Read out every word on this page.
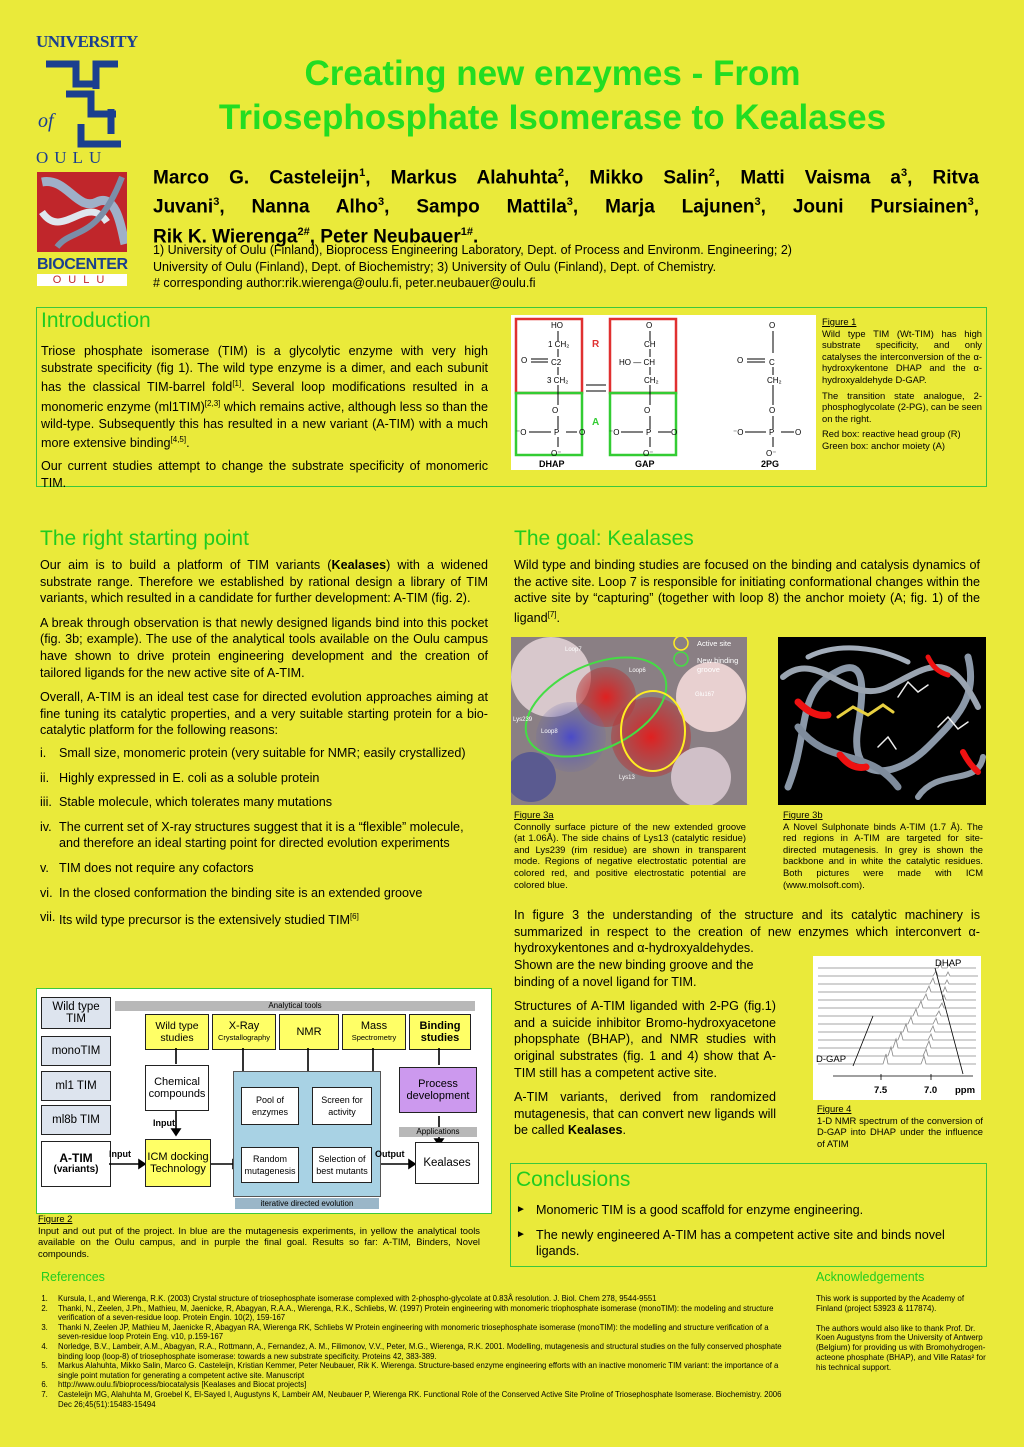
UNIVERSITY
of
OULU
BIOCENTER
OULU
Creating new enzymes - From
Triosephosphate Isomerase to Kealases
Marco G. Casteleijn$^1$, Markus Alahuhta$^2$, Mikko Salin$^2$, Matti Vaisma $a^3$, Ritva
Juvani$^3$, Nanna Alho$^3$, Sampo Mattila$^3$, Marja Lajunen$^3$, Jouni Pursiainen$^3$,
Rik K. Wierenga$^{2\#}$, Peter Neubauer$^{1\#}$.
1) University of Oulu (Finland), Bioprocess Engineering Laboratory, Dept. of Process and Environm. Engineering; 2)
University of Oulu (Finland), Dept. of Biochemistry; 3) University of Oulu (Finland), Dept. of Chemistry.
# corresponding author:rik.wierenga@oulu.fi, peter.neubauer@oulu.fi
Introduction

Triose phosphate isomerase (TIM) is a glycolytic enzyme with very high substrate specificity (fig 1). The wild type enzyme is a dimer, and each subunit has the classical TIM-barrel fold[1]. Several loop modifications resulted in a monomeric enzyme (ml1TIM)[2,3] which remains active, although less so than the wild-type. Subsequently this has resulted in a new variant (A-TIM) with a much more extensive binding[4,5].

Our current studies attempt to change the substrate specificity of monomeric TIM.

HO
1 CH₂
O	C2
3 CH₂
O
P
⁻O	O
O⁻
O
CH
HO — CH
CH₂
O
P
⁻O	O
O⁻
O
O	C
CH₂
O
P
⁻O	O
O⁻
R
A
DHAP	GAP	2PG
Figure 1

Wild type TIM (Wt-TIM) has high substrate specificity, and only catalyses the interconversion of the α-hydroxykentone DHAP and the α-hydroxyaldehyde D-GAP.

The transition state analogue, 2-phosphoglycolate (2-PG), can be seen on the right.

Red box: reactive head group (R) Green box: anchor moiety (A)

The right starting point

Our aim is to build a platform of TIM variants (Kealases) with a widened substrate range. Therefore we established by rational design a library of TIM variants, which resulted in a candidate for further development: A-TIM (fig. 2).

A break through observation is that newly designed ligands bind into this pocket (fig. 3b; example). The use of the analytical tools available on the Oulu campus have shown to drive protein engineering development and the creation of tailored ligands for the new active site of A-TIM.

Overall, A-TIM is an ideal test case for directed evolution approaches aiming at fine tuning its catalytic properties, and a very suitable starting protein for a bio-catalytic platform for the following reasons:

i.	Small size, monomeric protein (very suitable for NMR; easily crystallized)
ii. Highly expressed in E. coli as a soluble protein
iii. Stable molecule, which tolerates many mutations
iv. The current set of X-ray structures suggest that it is a “flexible” molecule, and therefore an ideal starting point for directed evolution experiments
v. TIM does not require any cofactors
vi. In the closed conformation the binding site is an extended groove
vii. Its wild type precursor is the extensively studied TIM[6]
Wild type TIM
monoTIM
ml1 TIM
ml8b TIM
A-TIM
(variants)
Analytical tools
Wild type studies
X-Ray
Crystallography	NMR	Mass
Spectrometry
Binding studies
Chemical compounds
Input
Input ICM docking Technology
Pool of enzymes
Screen for activity
Random mutagenesis
Selection of best mutants
iterative directed evolution
Output
Process development
Applications
Kealases
Figure 2

Input and out put of the project. In blue are the mutagenesis experiments, in yellow the analytical tools available on the Oulu campus, and in purple the final goal. Results so far: A-TIM, Binders, Novel compounds.

The goal: Kealases

Wild type and binding studies are focused on the binding and catalysis dynamics of the active site. Loop 7 is responsible for initiating conformational changes within the active site by “capturing” (together with loop 8) the anchor moiety (A; fig. 1) of the ligand[7].

Active site
New binding groove
Loop7
Loop6
Glu167
Lys239
Loop8
Lys13
Figure 3a

Connolly surface picture of the new extended groove (at 1.06Å). The side chains of Lys13 (catalytic residue) and Lys239 (rim residue) are shown in transparent mode. Regions of negative electrostatic potential are colored red, and positive electrostatic potential are colored blue.

Figure 3b

A Novel Sulphonate binds A-TIM (1.7 Å). The red regions in A-TIM are targeted for site-directed mutagenesis. In grey is shown the backbone and in white the catalytic residues. Both pictures were made with ICM (www.molsoft.com).

In figure 3 the understanding of the structure and its catalytic machinery is summarized in respect to the creation of new enzymes which interconvert α-hydroxykentones and α-hydroxyaldehydes.

Shown are the new binding groove and the binding of a novel ligand for TIM.

Structures of A-TIM liganded with 2-PG (fig.1) and a suicide inhibitor Bromo-hydroxyacetone phopsphate (BHAP), and NMR studies with original substrates (fig. 1 and 4) show that A-TIM still has a competent active site.

A-TIM variants, derived from randomized mutagenesis, that can convert new ligands will be called Kealases.

DHAP
D-GAP
7.5	7.0 ppm
Figure 4

1-D NMR spectrum of the conversion of D-GAP into DHAP under the influence of ATIM

Conclusions
► Monomeric TIM is a good scaffold for enzyme engineering.
► The newly engineered A-TIM has a competent active site and binds novel ligands.
References
1. Kursula, I., and Wierenga, R.K. (2003) Crystal structure of triosephosphate isomerase complexed with 2-phospho-glycolate at 0.83Å resolution. J. Biol. Chem 278, 9544-9551
2. Thanki, N., Zeelen, J.Ph., Mathieu, M, Jaenicke, R, Abagyan, R.A.A., Wierenga, R.K., Schliebs, W. (1997) Protein engineering with monomeric triophosphate isomerase (monoTIM): the modeling and structure verification of a seven-residue loop. Protein Engin. 10(2), 159-167
3. Thanki N, Zeelen JP, Mathieu M, Jaenicke R, Abagyan RA, Wierenga RK, Schliebs W Protein engineering with monomeric triosephosphate isomerase (monoTIM): the modelling and structure verification of a seven-residue loop Protein Eng. v10, p.159-167
4. Norledge, B.V., Lambeir, A.M., Abagyan, R.A., Rottmann, A., Fernandez, A. M., Filimonov, V.V., Peter, M.G., Wierenga, R.K. 2001. Modelling, mutagenesis and structural studies on the fully conserved phosphate binding loop (loop-8) of triosephosphate isomerase: towards a new substrate specificity. Proteins 42, 383-389.
5. Markus Alahuhta, Mikko Salin, Marco G. Casteleijn, Kristian Kemmer, Peter Neubauer, Rik K. Wierenga. Structure-based enzyme engineering efforts with an inactive monomeric TIM variant: the importance of a single point mutation for generating a competent active site. Manuscript
6. http://www.oulu.fi/bioprocess/biocatalysis [Kealases and Biocat projects]
7. Casteleijn MG, Alahuhta M, Groebel K, El-Sayed I, Augustyns K, Lambeir AM, Neubauer P, Wierenga RK. Functional Role of the Conserved Active Site Proline of Triosephosphate Isomerase. Biochemistry. 2006 Dec 26;45(51):15483-15494
Acknowledgements

This work is supported by the Academy of Finland (project 53923 & 117874).

The authors would also like to thank Prof. Dr. Koen Augustyns from the University of Antwerp (Belgium) for providing us with Bromohydrogen-acteone phosphate (BHAP), and Ville Ratas² for his technical support.
